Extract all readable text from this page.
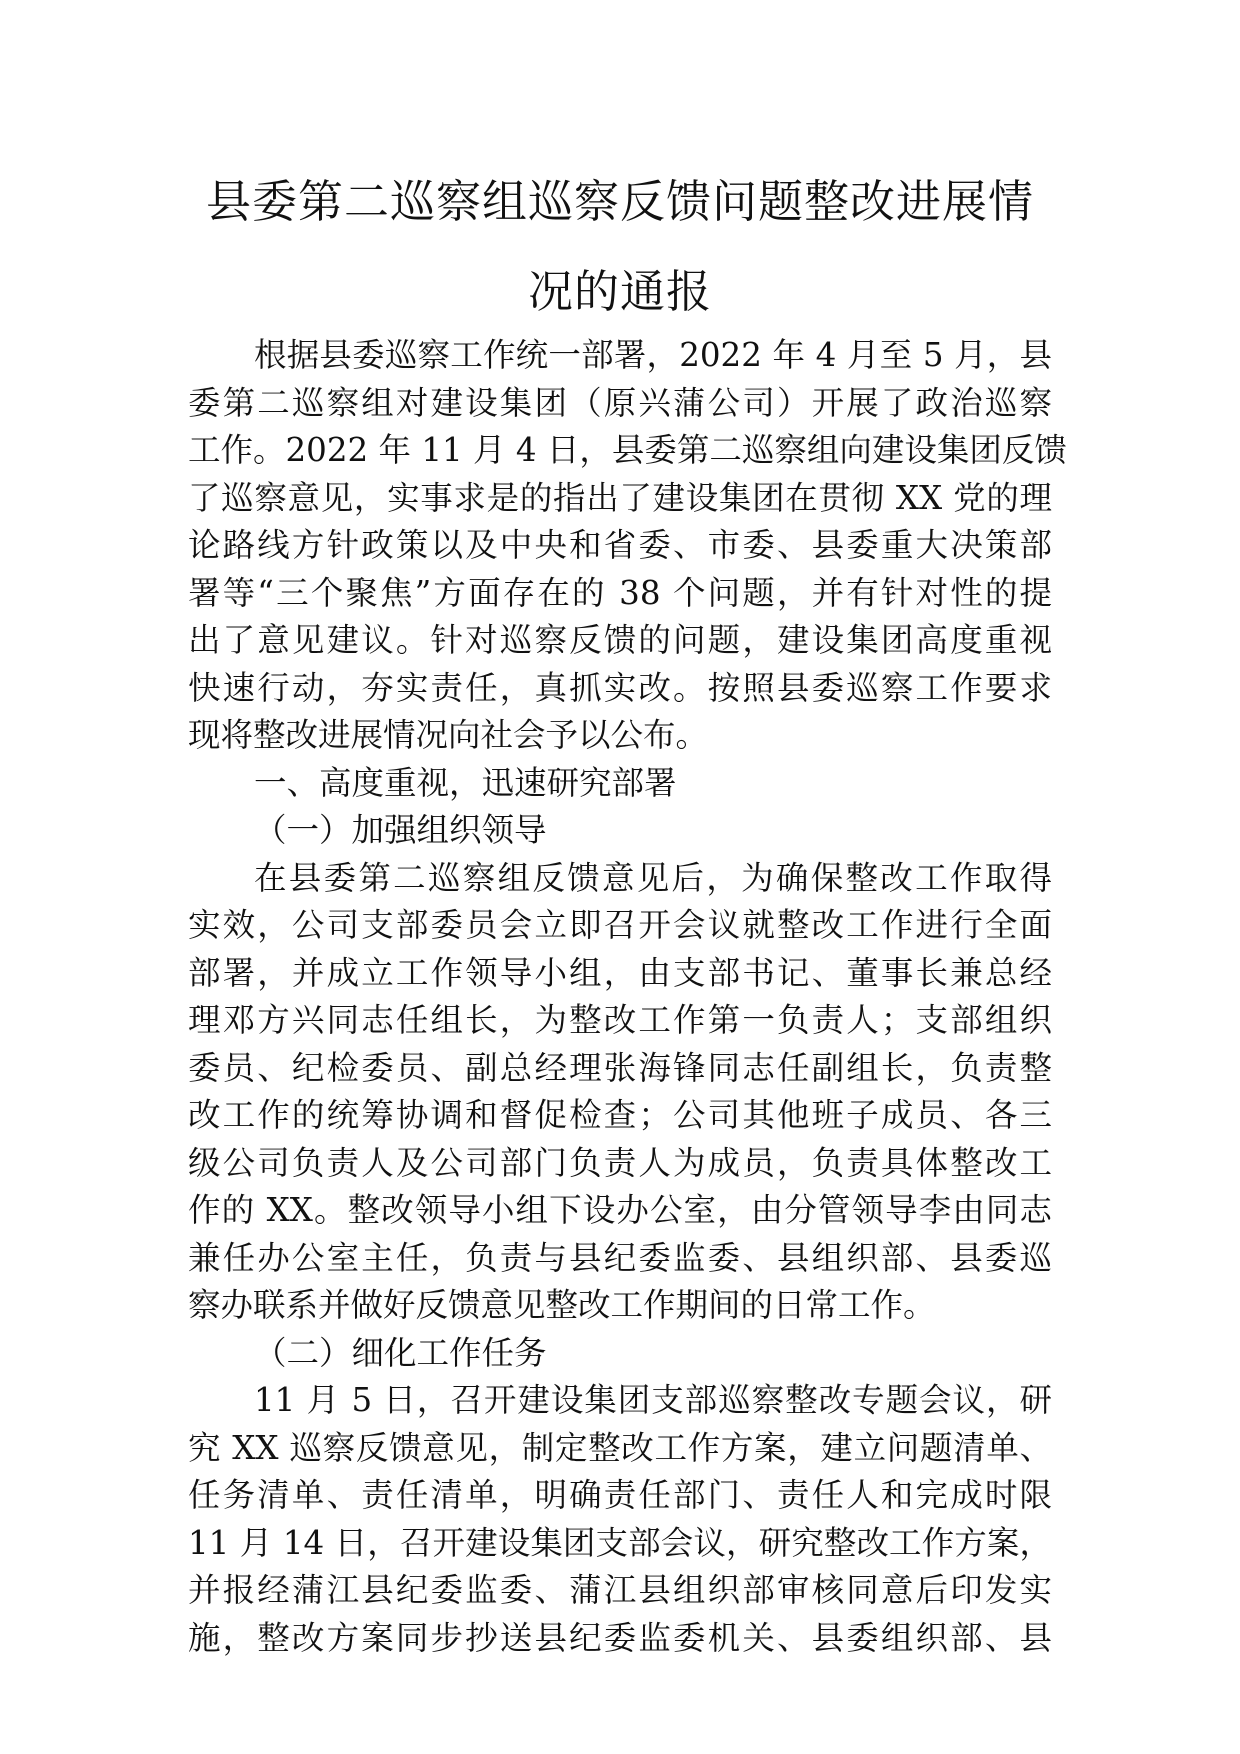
县委第二巡察组巡察反馈问题整改进展情
况的通报
根据县委巡察工作统一部署，2022 年 4 月至 5 月，县
委第二巡察组对建设集团（原兴蒲公司）开展了政治巡察
工作。2022 年 11 月 4 日，县委第二巡察组向建设集团反馈
了巡察意见，实事求是的指出了建设集团在贯彻 XX 党的理
论路线方针政策以及中央和省委、市委、县委重大决策部
署等“三个聚焦”方面存在的 38 个问题，并有针对性的提
出了意见建议。针对巡察反馈的问题，建设集团高度重视
快速行动，夯实责任，真抓实改。按照县委巡察工作要求
现将整改进展情况向社会予以公布。
一、高度重视，迅速研究部署
（一）加强组织领导
在县委第二巡察组反馈意见后，为确保整改工作取得
实效，公司支部委员会立即召开会议就整改工作进行全面
部署，并成立工作领导小组，由支部书记、董事长兼总经
理邓方兴同志任组长，为整改工作第一负责人；支部组织
委员、纪检委员、副总经理张海锋同志任副组长，负责整
改工作的统筹协调和督促检查；公司其他班子成员、各三
级公司负责人及公司部门负责人为成员，负责具体整改工
作的 XX。整改领导小组下设办公室，由分管领导李由同志
兼任办公室主任，负责与县纪委监委、县组织部、县委巡
察办联系并做好反馈意见整改工作期间的日常工作。
（二）细化工作任务
11 月 5 日，召开建设集团支部巡察整改专题会议，研
究 XX 巡察反馈意见，制定整改工作方案，建立问题清单、
任务清单、责任清单，明确责任部门、责任人和完成时限
11 月 14 日，召开建设集团支部会议，研究整改工作方案，
并报经蒲江县纪委监委、蒲江县组织部审核同意后印发实
施，整改方案同步抄送县纪委监委机关、县委组织部、县
